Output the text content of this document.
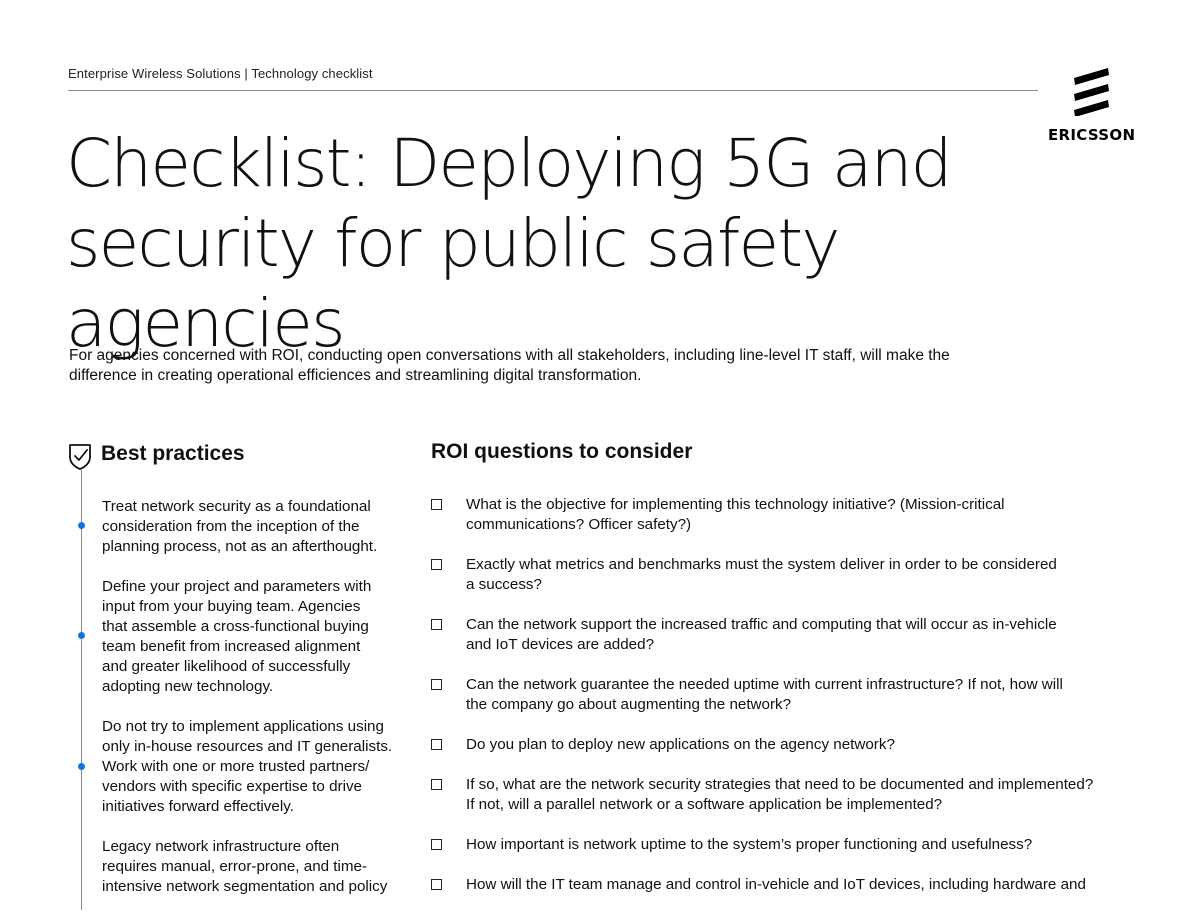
Enterprise Wireless Solutions | Technology checklist
ERICSSON
Checklist: Deploying 5G and
security for public safety agencies
For agencies concerned with ROI, conducting open conversations with all stakeholders, including line-level IT staff, will make the
difference in creating operational efficiences and streamlining digital transformation.
Best practices
Treat network security as a foundational
consideration from the inception of the
planning process, not as an afterthought.
Define your project and parameters with
input from your buying team. Agencies
that assemble a cross-functional buying
team benefit from increased alignment
and greater likelihood of successfully
adopting new technology.
Do not try to implement applications using
only in-house resources and IT generalists.
Work with one or more trusted partners/
vendors with specific expertise to drive
initiatives forward effectively.
Legacy network infrastructure often
requires manual, error-prone, and time-
intensive network segmentation and policy
ROI questions to consider
What is the objective for implementing this technology initiative? (Mission-critical
communications? Officer safety?)
Exactly what metrics and benchmarks must the system deliver in order to be considered
a success?
Can the network support the increased traffic and computing that will occur as in-vehicle
and IoT devices are added?
Can the network guarantee the needed uptime with current infrastructure? If not, how will
the company go about augmenting the network?
Do you plan to deploy new applications on the agency network?
If so, what are the network security strategies that need to be documented and implemented?
If not, will a parallel network or a software application be implemented?
How important is network uptime to the system’s proper functioning and usefulness?
How will the IT team manage and control in-vehicle and IoT devices, including hardware and
